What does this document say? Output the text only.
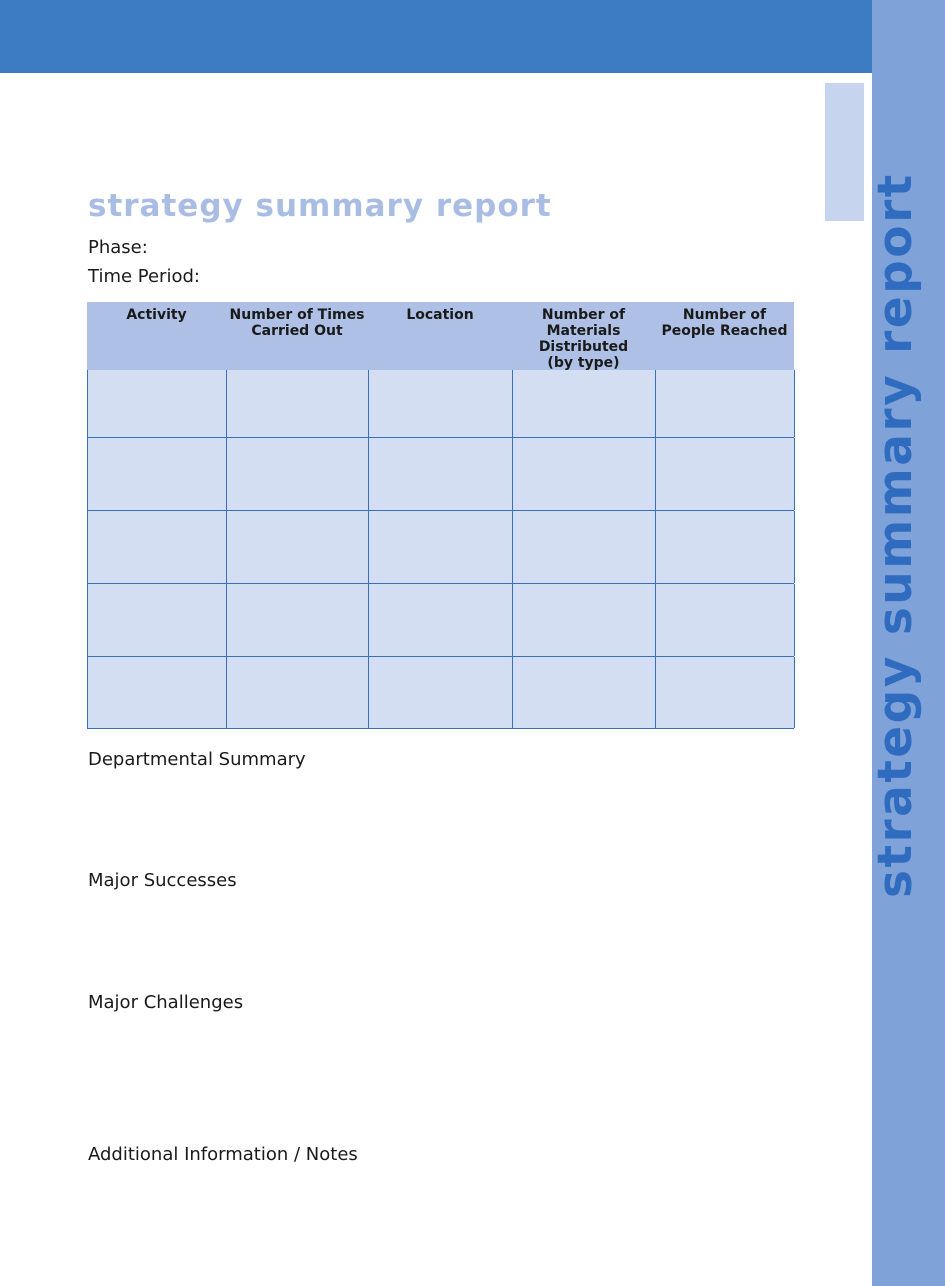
strategy summary report
strategy summary report
Phase:
Time Period:
Activity	Number of Times
Carried Out
Location	Number of
Materials
Distributed
(by type)
Number of
People Reached
Departmental Summary
Major Successes
Major Challenges
Additional Information / Notes
